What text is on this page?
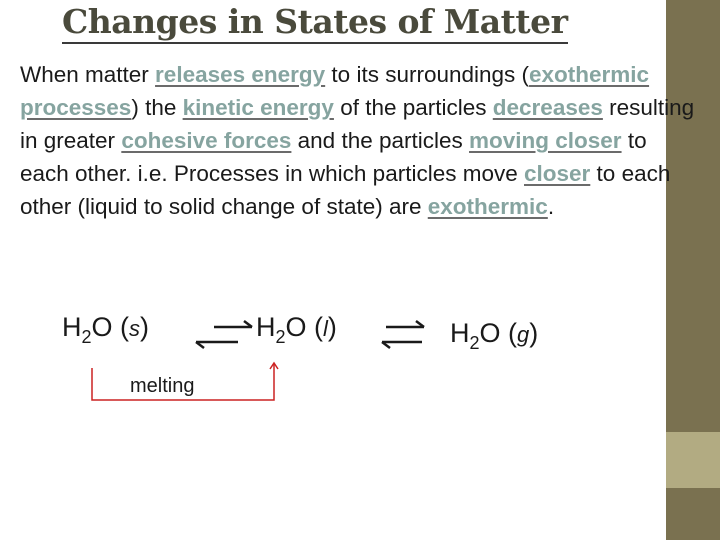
Changes in States of Matter

When matter releases energy to its surroundings (exothermic processes) the kinetic energy of the particles decreases resulting in greater cohesive forces and the particles moving closer to each other. i.e. Processes in which particles move closer to each other (liquid to solid change of state) are exothermic.

$H_2O$ (s)	$H_2O$ (l)	$H_2O$ (g)
melting
